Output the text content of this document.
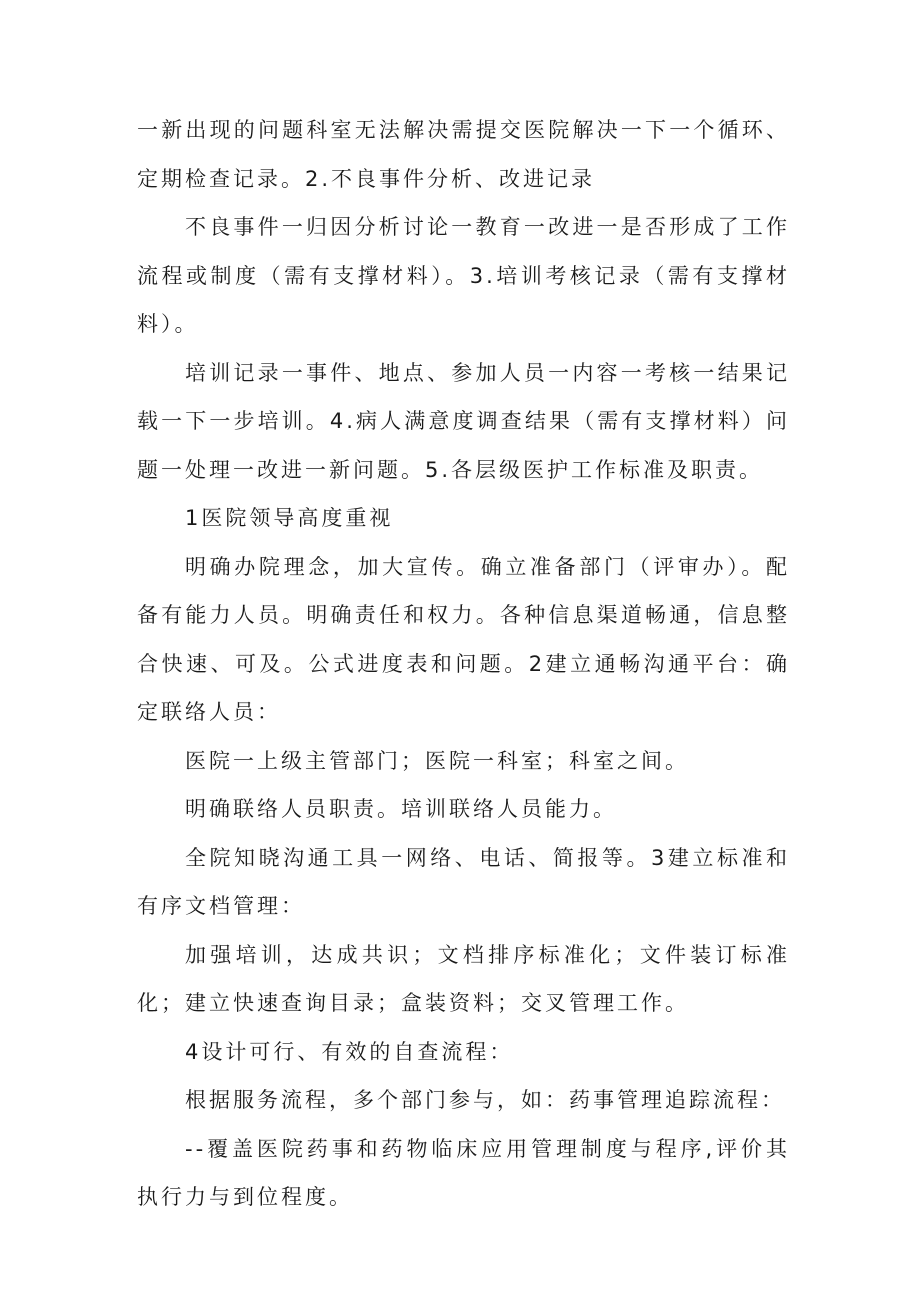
一新出现的问题科室无法解决需提交医院解决一下一个循环、定期检查记录。2.不良事件分析、改进记录

不良事件一归因分析讨论一教育一改进一是否形成了工作流程或制度（需有支撑材料）。3.培训考核记录（需有支撑材料）。

培训记录一事件、地点、参加人员一内容一考核一结果记载一下一步培训。4.病人满意度调查结果（需有支撑材料）问题一处理一改进一新问题。5.各层级医护工作标准及职责。

1医院领导高度重视

明确办院理念，加大宣传。确立准备部门（评审办）。配备有能力人员。明确责任和权力。各种信息渠道畅通，信息整合快速、可及。公式进度表和问题。2建立通畅沟通平台：确定联络人员：

医院一上级主管部门；医院一科室；科室之间。

明确联络人员职责。培训联络人员能力。

全院知晓沟通工具一网络、电话、简报等。3建立标准和有序文档管理：

加强培训，达成共识；文档排序标准化；文件装订标准化；建立快速查询目录；盒装资料；交叉管理工作。

4设计可行、有效的自查流程：

根据服务流程，多个部门参与，如：药事管理追踪流程：

--覆盖医院药事和药物临床应用管理制度与程序,评价其执行力与到位程度。
